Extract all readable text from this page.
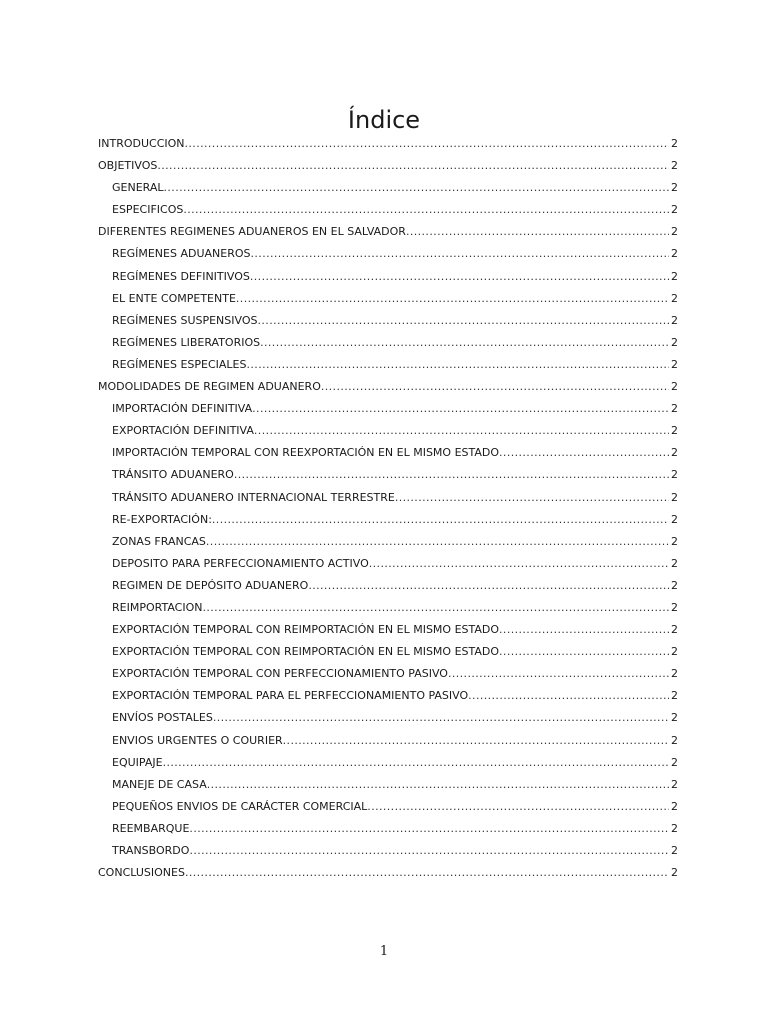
Índice
INTRODUCCION .....	2
OBJETIVOS .....	2
GENERAL .....	2
ESPECIFICOS .....	2
DIFERENTES REGIMENES ADUANEROS EN EL SALVADOR .....	2
REGÍMENES ADUANEROS .....	2
REGÍMENES DEFINITIVOS .....	2
EL ENTE COMPETENTE .....	2
REGÍMENES SUSPENSIVOS .....	2
REGÍMENES LIBERATORIOS .....	2
REGÍMENES ESPECIALES .....	2
MODOLIDADES DE REGIMEN ADUANERO .....	2
IMPORTACIÓN DEFINITIVA .....	2
EXPORTACIÓN DEFINITIVA .....	2
IMPORTACIÓN TEMPORAL CON REEXPORTACIÓN EN EL MISMO ESTADO .....	2
TRÁNSITO ADUANERO .....	2
TRÁNSITO ADUANERO INTERNACIONAL TERRESTRE .....	2
RE-EXPORTACIÓN: .....	2
ZONAS FRANCAS .....	2
DEPOSITO PARA PERFECCIONAMIENTO ACTIVO .....	2
REGIMEN DE DEPÓSITO ADUANERO .....	2
REIMPORTACION .....	2
EXPORTACIÓN TEMPORAL CON REIMPORTACIÓN EN EL MISMO ESTADO .....	2
EXPORTACIÓN TEMPORAL CON REIMPORTACIÓN EN EL MISMO ESTADO .....	2
EXPORTACIÓN TEMPORAL CON PERFECCIONAMIENTO PASIVO .....	2
EXPORTACIÓN TEMPORAL PARA EL PERFECCIONAMIENTO PASIVO .....	2
ENVÍOS POSTALES .....	2
ENVIOS URGENTES O COURIER .....	2
EQUIPAJE .....	2
MANEJE DE CASA .....	2
PEQUEÑOS ENVIOS DE CARÁCTER COMERCIAL .....	2
REEMBARQUE .....	2
TRANSBORDO .....	2
CONCLUSIONES .....	2
1
